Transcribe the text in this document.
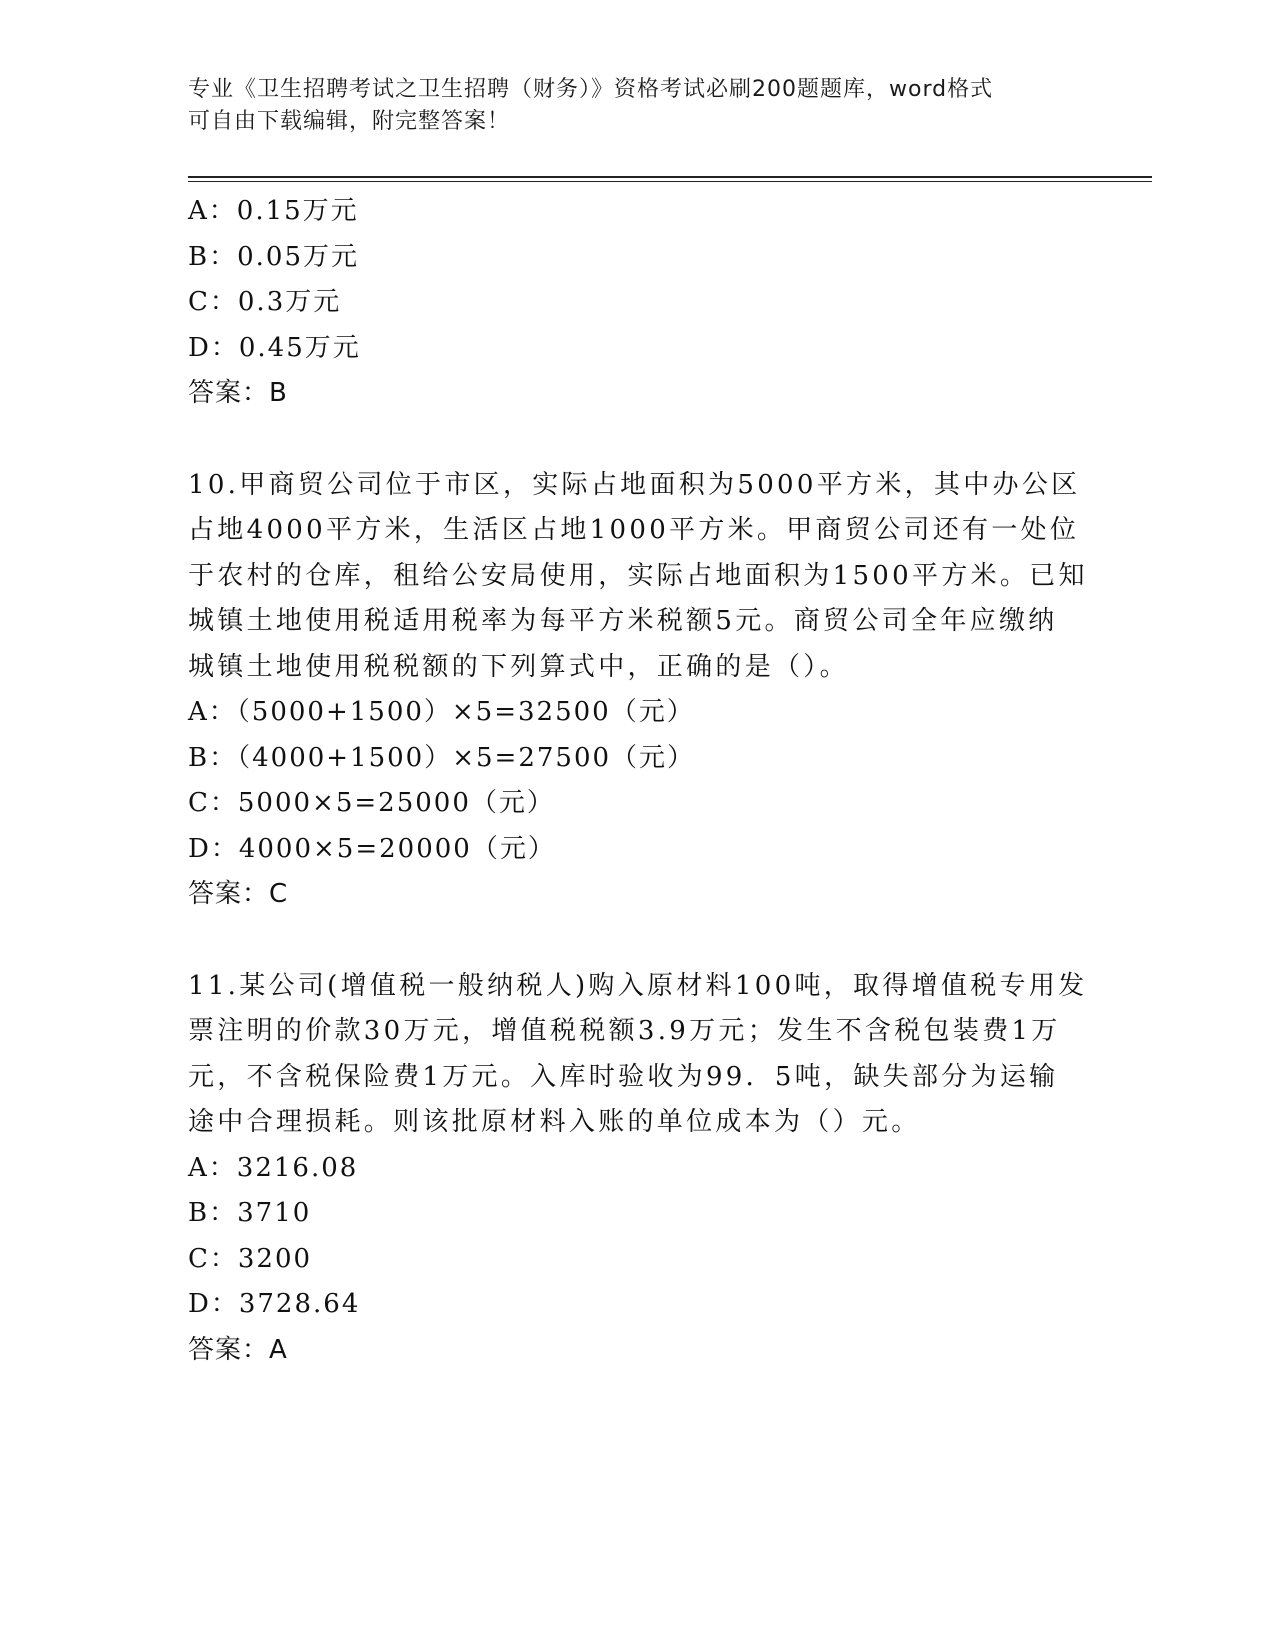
专业《卫生招聘考试之卫生招聘（财务）》资格考试必刷200题题库，word格式
可自由下载编辑，附完整答案！
A：0.15万元
B：0.05万元
C：0.3万元
D：0.45万元
答案：B
10.甲商贸公司位于市区，实际占地面积为5000平方米，其中办公区
占地4000平方米，生活区占地1000平方米。甲商贸公司还有一处位
于农村的仓库，租给公安局使用，实际占地面积为1500平方米。已知
城镇土地使用税适用税率为每平方米税额5元。商贸公司全年应缴纳
城镇土地使用税税额的下列算式中，正确的是（）。
A：（5000+1500）×5=32500（元）
B：（4000+1500）×5=27500（元）
C：5000×5=25000（元）
D：4000×5=20000（元）
答案：C
11.某公司(增值税一般纳税人)购入原材料100吨，取得增值税专用发
票注明的价款30万元，增值税税额3.9万元；发生不含税包装费1万
元，不含税保险费1万元。入库时验收为99．5吨，缺失部分为运输
途中合理损耗。则该批原材料入账的单位成本为（）元。
A：3216.08
B：3710
C：3200
D：3728.64
答案：A
